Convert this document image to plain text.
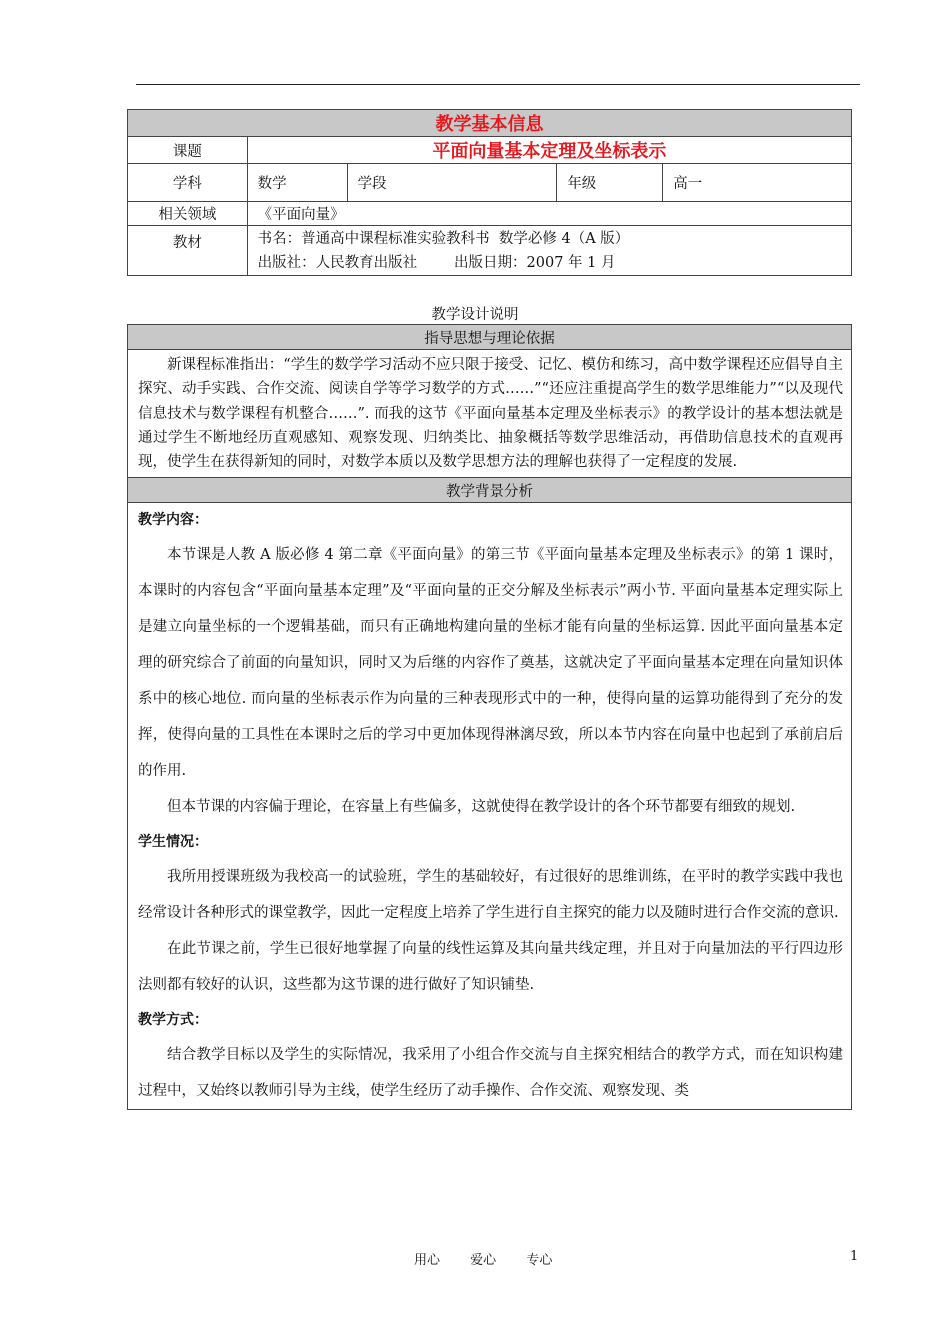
教学基本信息				
课题	平面向量基本定理及坐标表示			
学科	数学	学段	年级	高一
相关领域	《平面向量》			
教材	书名：普通高中课程标准实验教科书  数学必修 4（A 版）
出版社：人民教育出版社        出版日期：2007 年 1 月			
教学设计说明
指导思想与理论依据

新课程标准指出：“学生的数学学习活动不应只限于接受、记忆、模仿和练习，高中数学课程还应倡导自主探究、动手实践、合作交流、阅读自学等学习数学的方式……”“还应注重提高学生的数学思维能力”“以及现代信息技术与数学课程有机整合……”. 而我的这节《平面向量基本定理及坐标表示》的教学设计的基本想法就是通过学生不断地经历直观感知、观察发现、归纳类比、抽象概括等数学思维活动，再借助信息技术的直观再现，使学生在获得新知的同时，对数学本质以及数学思想方法的理解也获得了一定程度的发展.

教学背景分析

教学内容：

本节课是人教 A 版必修 4 第二章《平面向量》的第三节《平面向量基本定理及坐标表示》的第 1 课时，本课时的内容包含“平面向量基本定理”及“平面向量的正交分解及坐标表示”两小节. 平面向量基本定理实际上是建立向量坐标的一个逻辑基础，而只有正确地构建向量的坐标才能有向量的坐标运算. 因此平面向量基本定理的研究综合了前面的向量知识，同时又为后继的内容作了奠基，这就决定了平面向量基本定理在向量知识体系中的核心地位. 而向量的坐标表示作为向量的三种表现形式中的一种，使得向量的运算功能得到了充分的发挥，使得向量的工具性在本课时之后的学习中更加体现得淋漓尽致，所以本节内容在向量中也起到了承前启后的作用.

但本节课的内容偏于理论，在容量上有些偏多，这就使得在教学设计的各个环节都要有细致的规划.

学生情况：

我所用授课班级为我校高一的试验班，学生的基础较好，有过很好的思维训练，在平时的教学实践中我也经常设计各种形式的课堂教学，因此一定程度上培养了学生进行自主探究的能力以及随时进行合作交流的意识.

在此节课之前，学生已很好地掌握了向量的线性运算及其向量共线定理，并且对于向量加法的平行四边形法则都有较好的认识，这些都为这节课的进行做好了知识铺垫.

教学方式：

结合教学目标以及学生的实际情况，我采用了小组合作交流与自主探究相结合的教学方式，而在知识构建过程中，又始终以教师引导为主线，使学生经历了动手操作、合作交流、观察发现、类

用心 爱心 专心	1
